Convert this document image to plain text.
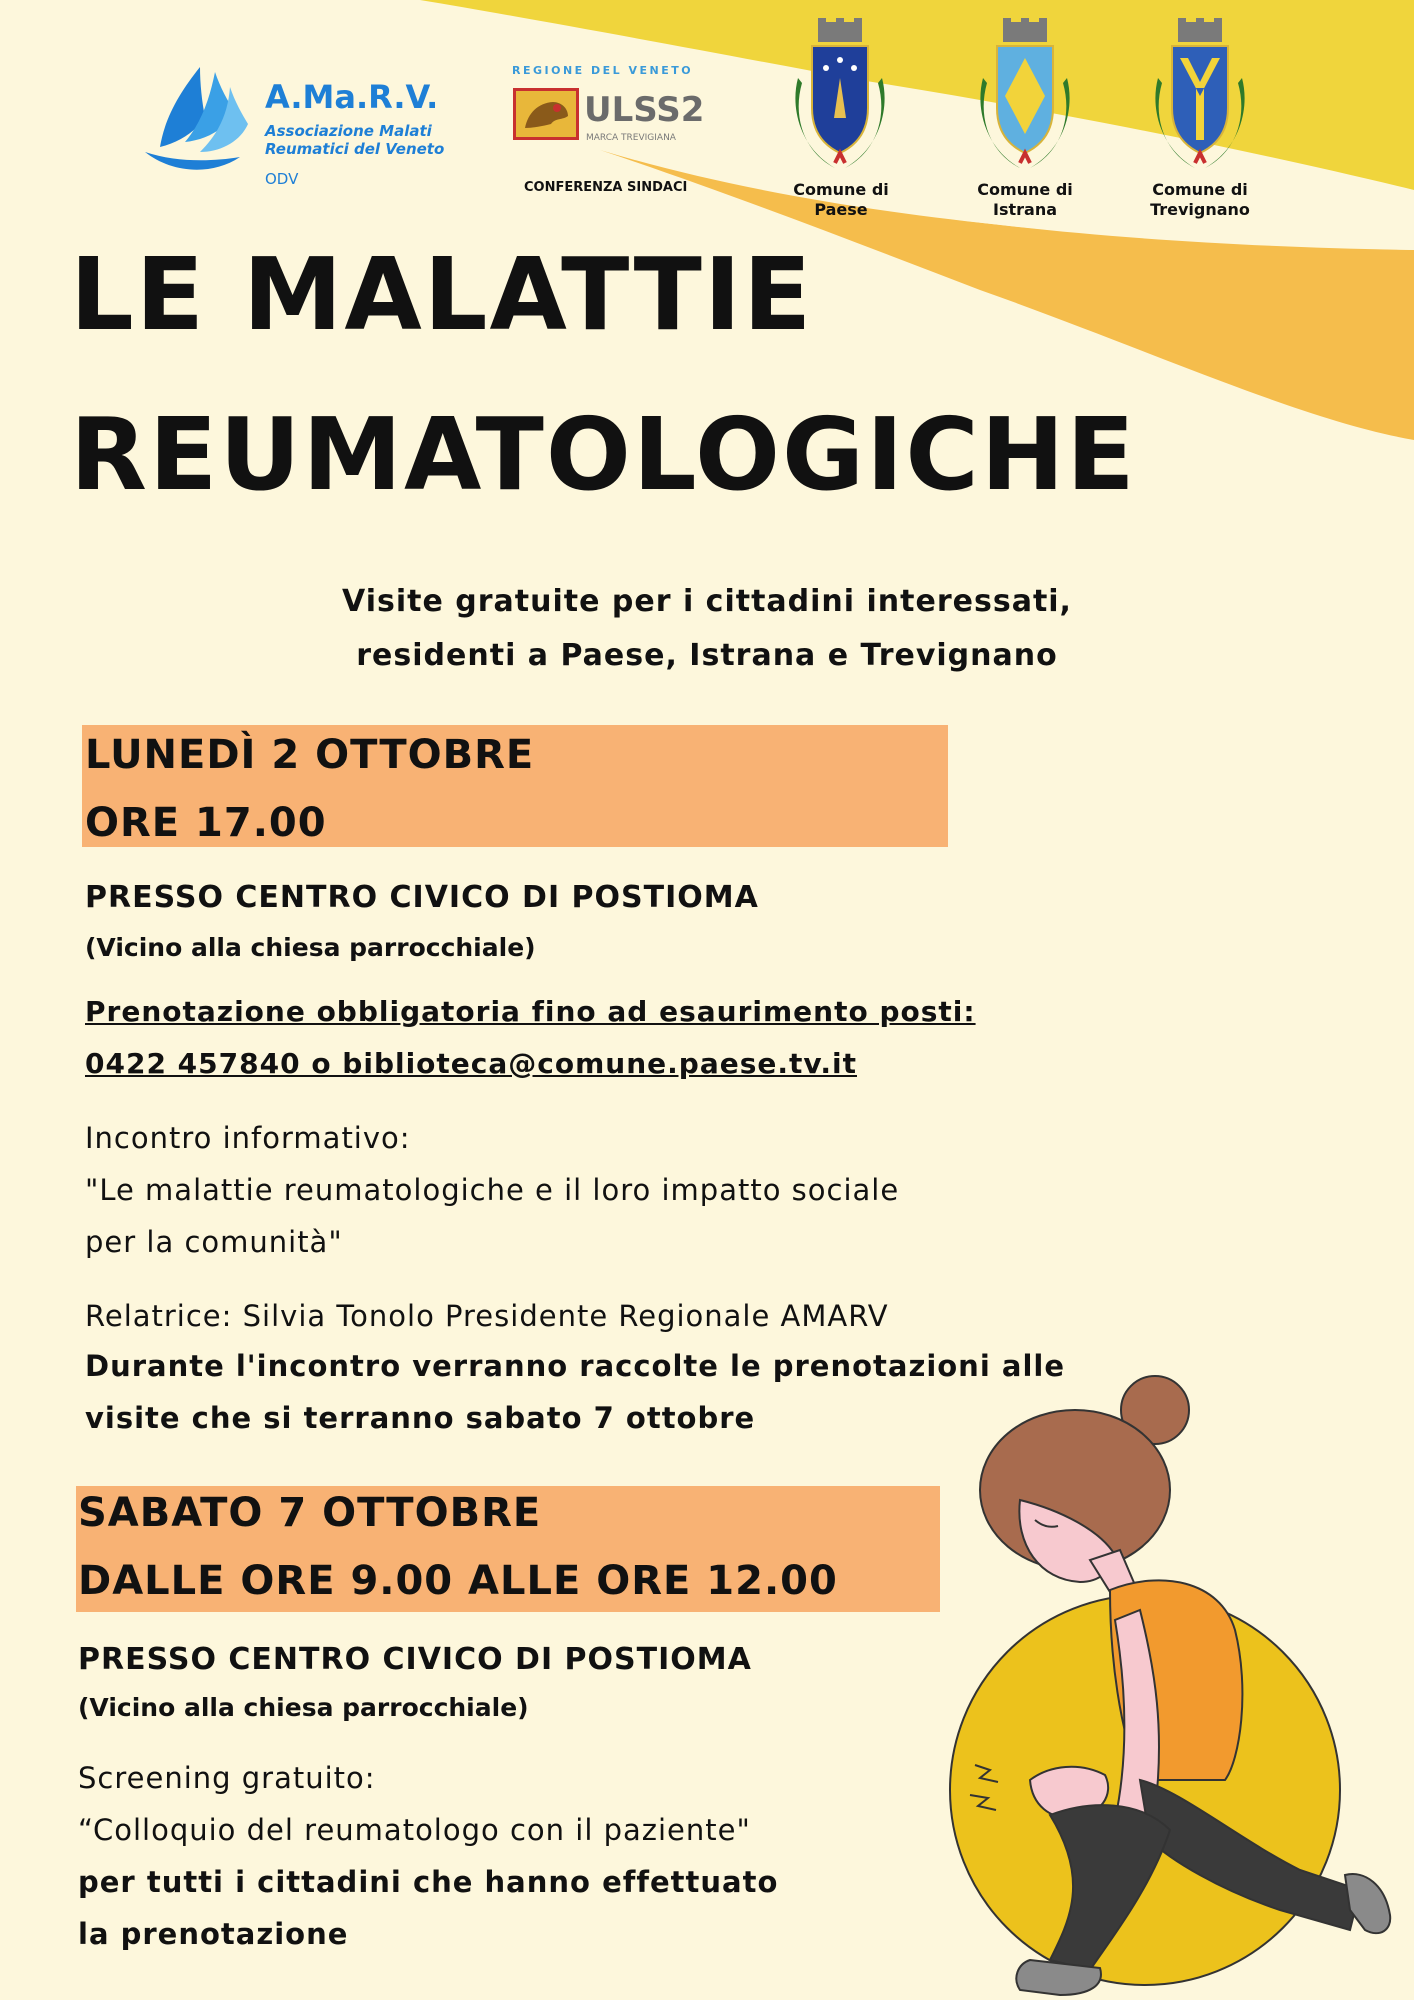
A.Ma.R.V.
Associazione Malati
Reumatici del Veneto
ODV
REGIONE DEL VENETO
ULSS2
MARCA TREVIGIANA
CONFERENZA SINDACI	Comune di
Paese
Comune di
Istrana
Comune di
Trevignano
LE MALATTIE
REUMATOLOGICHE
Visite gratuite per i cittadini interessati,
residenti a Paese, Istrana e Trevignano
LUNEDÌ 2 OTTOBRE
ORE 17.00
PRESSO CENTRO CIVICO DI POSTIOMA
(Vicino alla chiesa parrocchiale)
Prenotazione obbligatoria fino ad esaurimento posti:
0422 457840 o biblioteca@comune.paese.tv.it
Incontro informativo:
"Le malattie reumatologiche e il loro impatto sociale
per la comunità"
Relatrice: Silvia Tonolo Presidente Regionale AMARV
Durante l'incontro verranno raccolte le prenotazioni alle
visite che si terranno sabato 7 ottobre
SABATO 7 OTTOBRE
DALLE ORE 9.00 ALLE ORE 12.00
PRESSO CENTRO CIVICO DI POSTIOMA
(Vicino alla chiesa parrocchiale)
Screening gratuito:
“Colloquio del reumatologo con il paziente"
per tutti i cittadini che hanno effettuato
la prenotazione
